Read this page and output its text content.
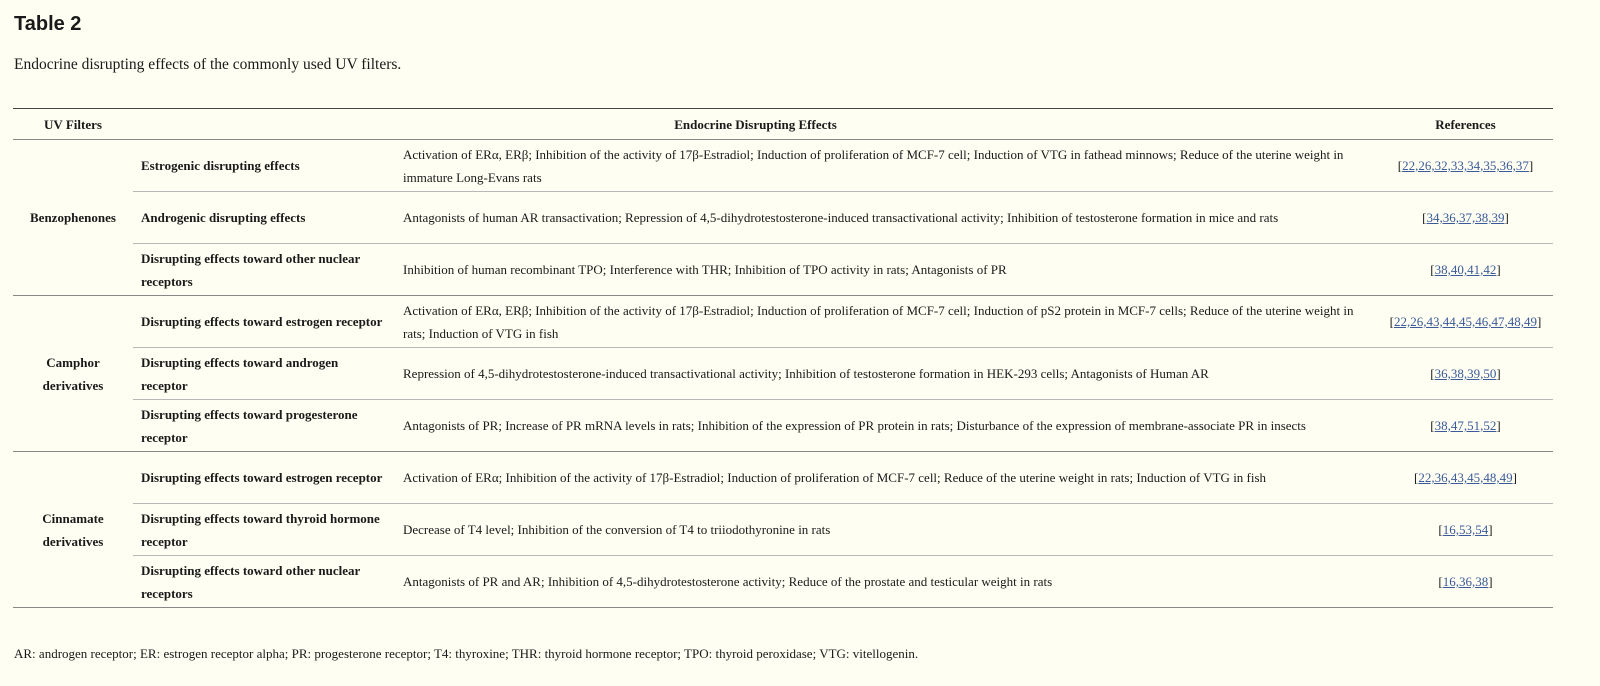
Table 2

Endocrine disrupting effects of the commonly used UV filters.

UV Filters	Endocrine Disrupting Effects		References
Benzophenones	Estrogenic disrupting effects	Activation of ERα, ERβ; Inhibition of the activity of 17β-Estradiol; Induction of proliferation of MCF-7 cell; Induction of VTG in fathead minnows; Reduce of the uterine weight in immature Long-Evans rats	[22,26,32,33,34,35,36,37]
	Androgenic disrupting effects	Antagonists of human AR transactivation; Repression of 4,5-dihydrotestosterone-induced transactivational activity; Inhibition of testosterone formation in mice and rats	[34,36,37,38,39]
	Disrupting effects toward other nuclear receptors	Inhibition of human recombinant TPO; Interference with THR; Inhibition of TPO activity in rats; Antagonists of PR	[38,40,41,42]
Camphor derivatives	Disrupting effects toward estrogen receptor	Activation of ERα, ERβ; Inhibition of the activity of 17β-Estradiol; Induction of proliferation of MCF-7 cell; Induction of pS2 protein in MCF-7 cells; Reduce of the uterine weight in rats; Induction of VTG in fish	[22,26,43,44,45,46,47,48,49]
	Disrupting effects toward androgen receptor	Repression of 4,5-dihydrotestosterone-induced transactivational activity; Inhibition of testosterone formation in HEK-293 cells; Antagonists of Human AR	[36,38,39,50]
	Disrupting effects toward progesterone receptor	Antagonists of PR; Increase of PR mRNA levels in rats; Inhibition of the expression of PR protein in rats; Disturbance of the expression of membrane-associate PR in insects	[38,47,51,52]
Cinnamate derivatives	Disrupting effects toward estrogen receptor	Activation of ERα; Inhibition of the activity of 17β-Estradiol; Induction of proliferation of MCF-7 cell; Reduce of the uterine weight in rats; Induction of VTG in fish	[22,36,43,45,48,49]
	Disrupting effects toward thyroid hormone receptor	Decrease of T4 level; Inhibition of the conversion of T4 to triiodothyronine in rats	[16,53,54]
	Disrupting effects toward other nuclear receptors	Antagonists of PR and AR; Inhibition of 4,5-dihydrotestosterone activity; Reduce of the prostate and testicular weight in rats	[16,36,38]

AR: androgen receptor; ER: estrogen receptor alpha; PR: progesterone receptor; T4: thyroxine; THR: thyroid hormone receptor; TPO: thyroid peroxidase; VTG: vitellogenin.
